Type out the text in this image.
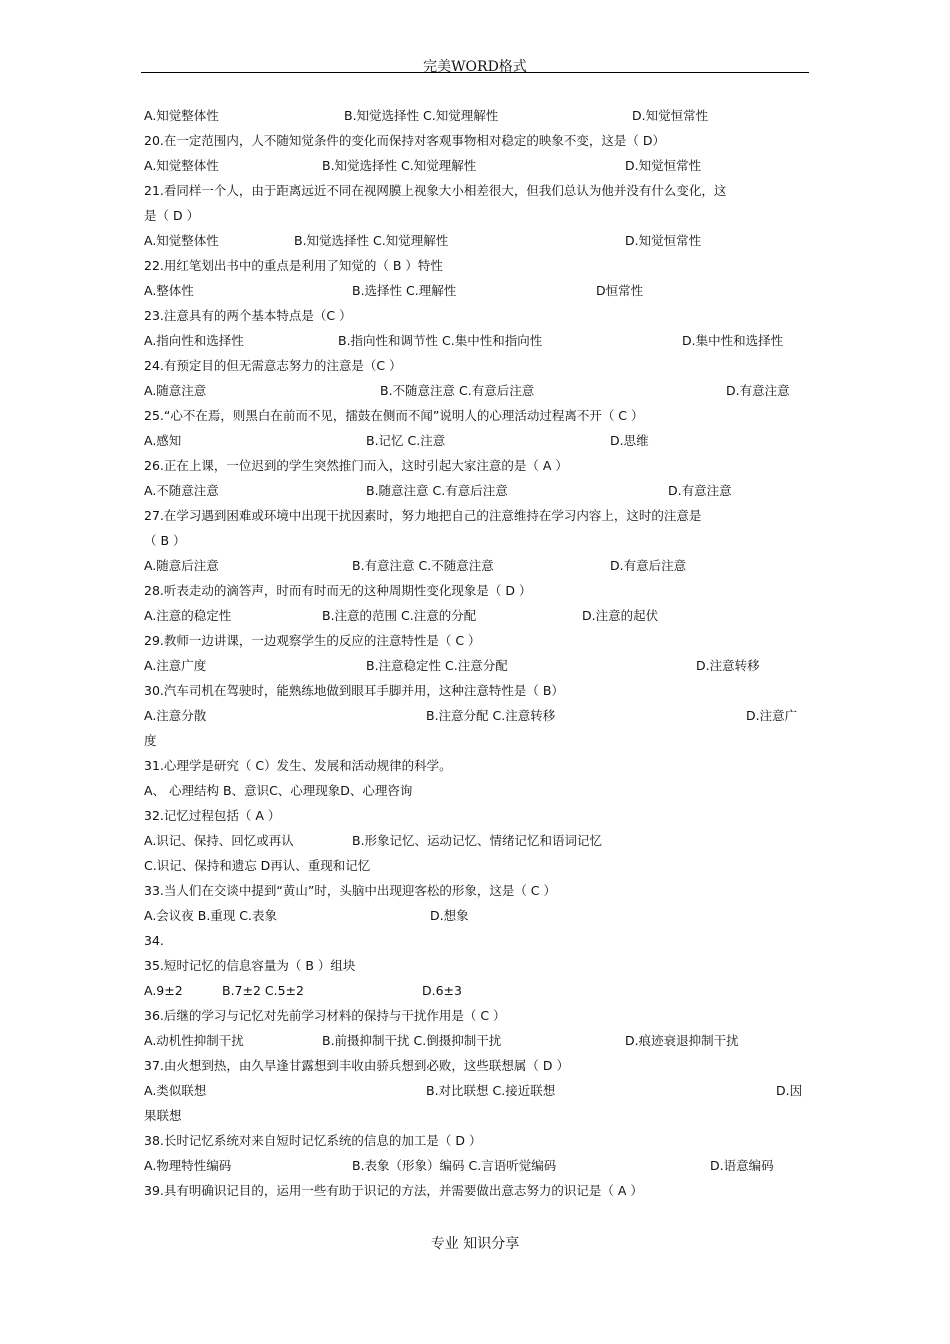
完美WORD格式
A.知觉整体性	B.知觉选择性 C.知觉理解性	D.知觉恒常性
20.在一定范围内，人不随知觉条件的变化而保持对客观事物相对稳定的映象不变，这是（ D）
A.知觉整体性	B.知觉选择性 C.知觉理解性	D.知觉恒常性
21.看同样一个人，由于距离远近不同在视网膜上视象大小相差很大，但我们总认为他并没有什么变化，这
是（ D ）
A.知觉整体性	B.知觉选择性 C.知觉理解性	D.知觉恒常性
22.用红笔划出书中的重点是利用了知觉的（ B ）特性
A.整体性	B.选择性 C.理解性	D恒常性
23.注意具有的两个基本特点是（C ）
A.指向性和选择性	B.指向性和调节性 C.集中性和指向性	D.集中性和选择性
24.有预定目的但无需意志努力的注意是（C ）
A.随意注意	B.不随意注意 C.有意后注意	D.有意注意
25.“心不在焉，则黑白在前而不见，擂鼓在侧而不闻”说明人的心理活动过程离不开（ C ）
A.感知	B.记忆 C.注意	D.思维
26.正在上课，一位迟到的学生突然推门而入，这时引起大家注意的是（ A ）
A.不随意注意	B.随意注意 C.有意后注意	D.有意注意
27.在学习遇到困难或环境中出现干扰因素时，努力地把自己的注意维持在学习内容上，这时的注意是
（ B ）
A.随意后注意	B.有意注意 C.不随意注意	D.有意后注意
28.听表走动的滴答声，时而有时而无的这种周期性变化现象是（ D ）
A.注意的稳定性	B.注意的范围 C.注意的分配	D.注意的起伏
29.教师一边讲课，一边观察学生的反应的注意特性是（ C ）
A.注意广度	B.注意稳定性 C.注意分配	D.注意转移
30.汽车司机在驾驶时，能熟练地做到眼耳手脚并用，这种注意特性是（ B）
A.注意分散	B.注意分配 C.注意转移	D.注意广
度
31.心理学是研究（ C）发生、发展和活动规律的科学。
A、 心理结构 B、意识C、心理现象D、心理咨询
32.记忆过程包括（ A ）
A.识记、保持、回忆或再认	B.形象记忆、运动记忆、情绪记忆和语词记忆
C.识记、保持和遗忘 D再认、重现和记忆
33.当人们在交谈中提到“黄山”时，头脑中出现迎客松的形象，这是（ C ）
A.会议夜 B.重现 C.表象	D.想象
34.
35.短时记忆的信息容量为（ B ）组块
A.9±2	B.7±2 C.5±2	D.6±3
36.后继的学习与记忆对先前学习材料的保持与干扰作用是（ C ）
A.动机性抑制干扰	B.前摄抑制干扰 C.倒摄抑制干扰	D.痕迹衰退抑制干扰
37.由火想到热，由久旱逢甘露想到丰收由骄兵想到必败，这些联想属（ D ）
A.类似联想	B.对比联想 C.接近联想	D.因
果联想
38.长时记忆系统对来自短时记忆系统的信息的加工是（ D ）
A.物理特性编码	B.表象（形象）编码 C.言语听觉编码	D.语意编码
39.具有明确识记目的，运用一些有助于识记的方法，并需要做出意志努力的识记是（ A ）
专业 知识分享
